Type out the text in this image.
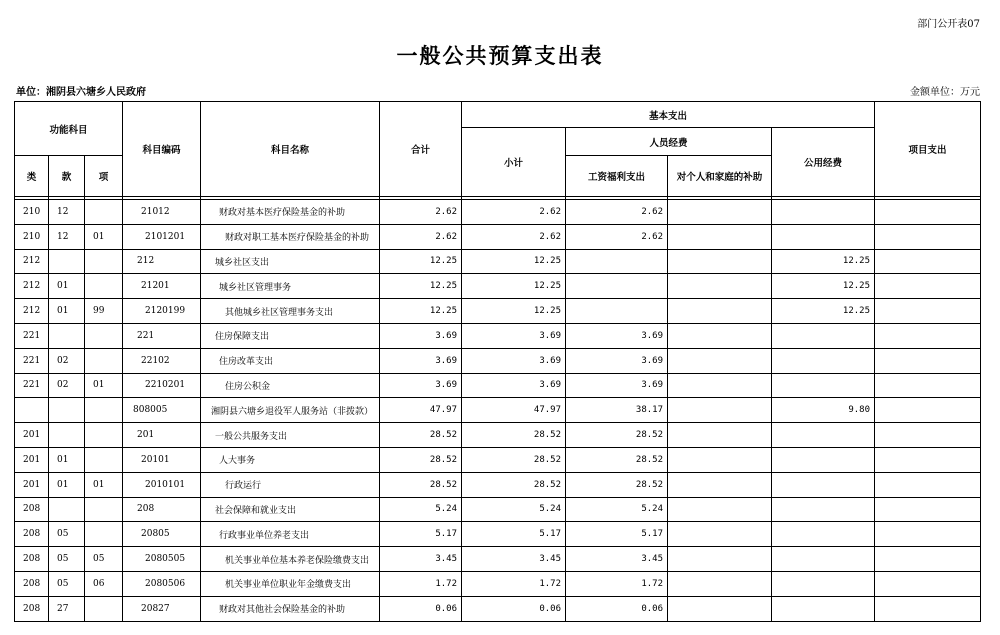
部门公开表07
一般公共预算支出表
单位：湘阴县六塘乡人民政府	金额单位：万元
功能科目			科目编码	科目名称	合计	基本支出				项目支出
						小计	人员经费		公用经费	
类	款	项					工资福利支出	对个人和家庭的补助		

210	12		21012	财政对基本医疗保险基金的补助	2.62	2.62	2.62			
210	12	01	2101201	财政对职工基本医疗保险基金的补助	2.62	2.62	2.62			
212			212	城乡社区支出	12.25	12.25			12.25	
212	01		21201	城乡社区管理事务	12.25	12.25			12.25	
212	01	99	2120199	其他城乡社区管理事务支出	12.25	12.25			12.25	
221			221	住房保障支出	3.69	3.69	3.69			
221	02		22102	住房改革支出	3.69	3.69	3.69			
221	02	01	2210201	住房公积金	3.69	3.69	3.69			
			808005	湘阴县六塘乡退役军人服务站（非拨款）	47.97	47.97	38.17		9.80	
201			201	一般公共服务支出	28.52	28.52	28.52			
201	01		20101	人大事务	28.52	28.52	28.52			
201	01	01	2010101	行政运行	28.52	28.52	28.52			
208			208	社会保障和就业支出	5.24	5.24	5.24			
208	05		20805	行政事业单位养老支出	5.17	5.17	5.17			
208	05	05	2080505	机关事业单位基本养老保险缴费支出	3.45	3.45	3.45			
208	05	06	2080506	机关事业单位职业年金缴费支出	1.72	1.72	1.72			
208	27		20827	财政对其他社会保险基金的补助	0.06	0.06	0.06			
